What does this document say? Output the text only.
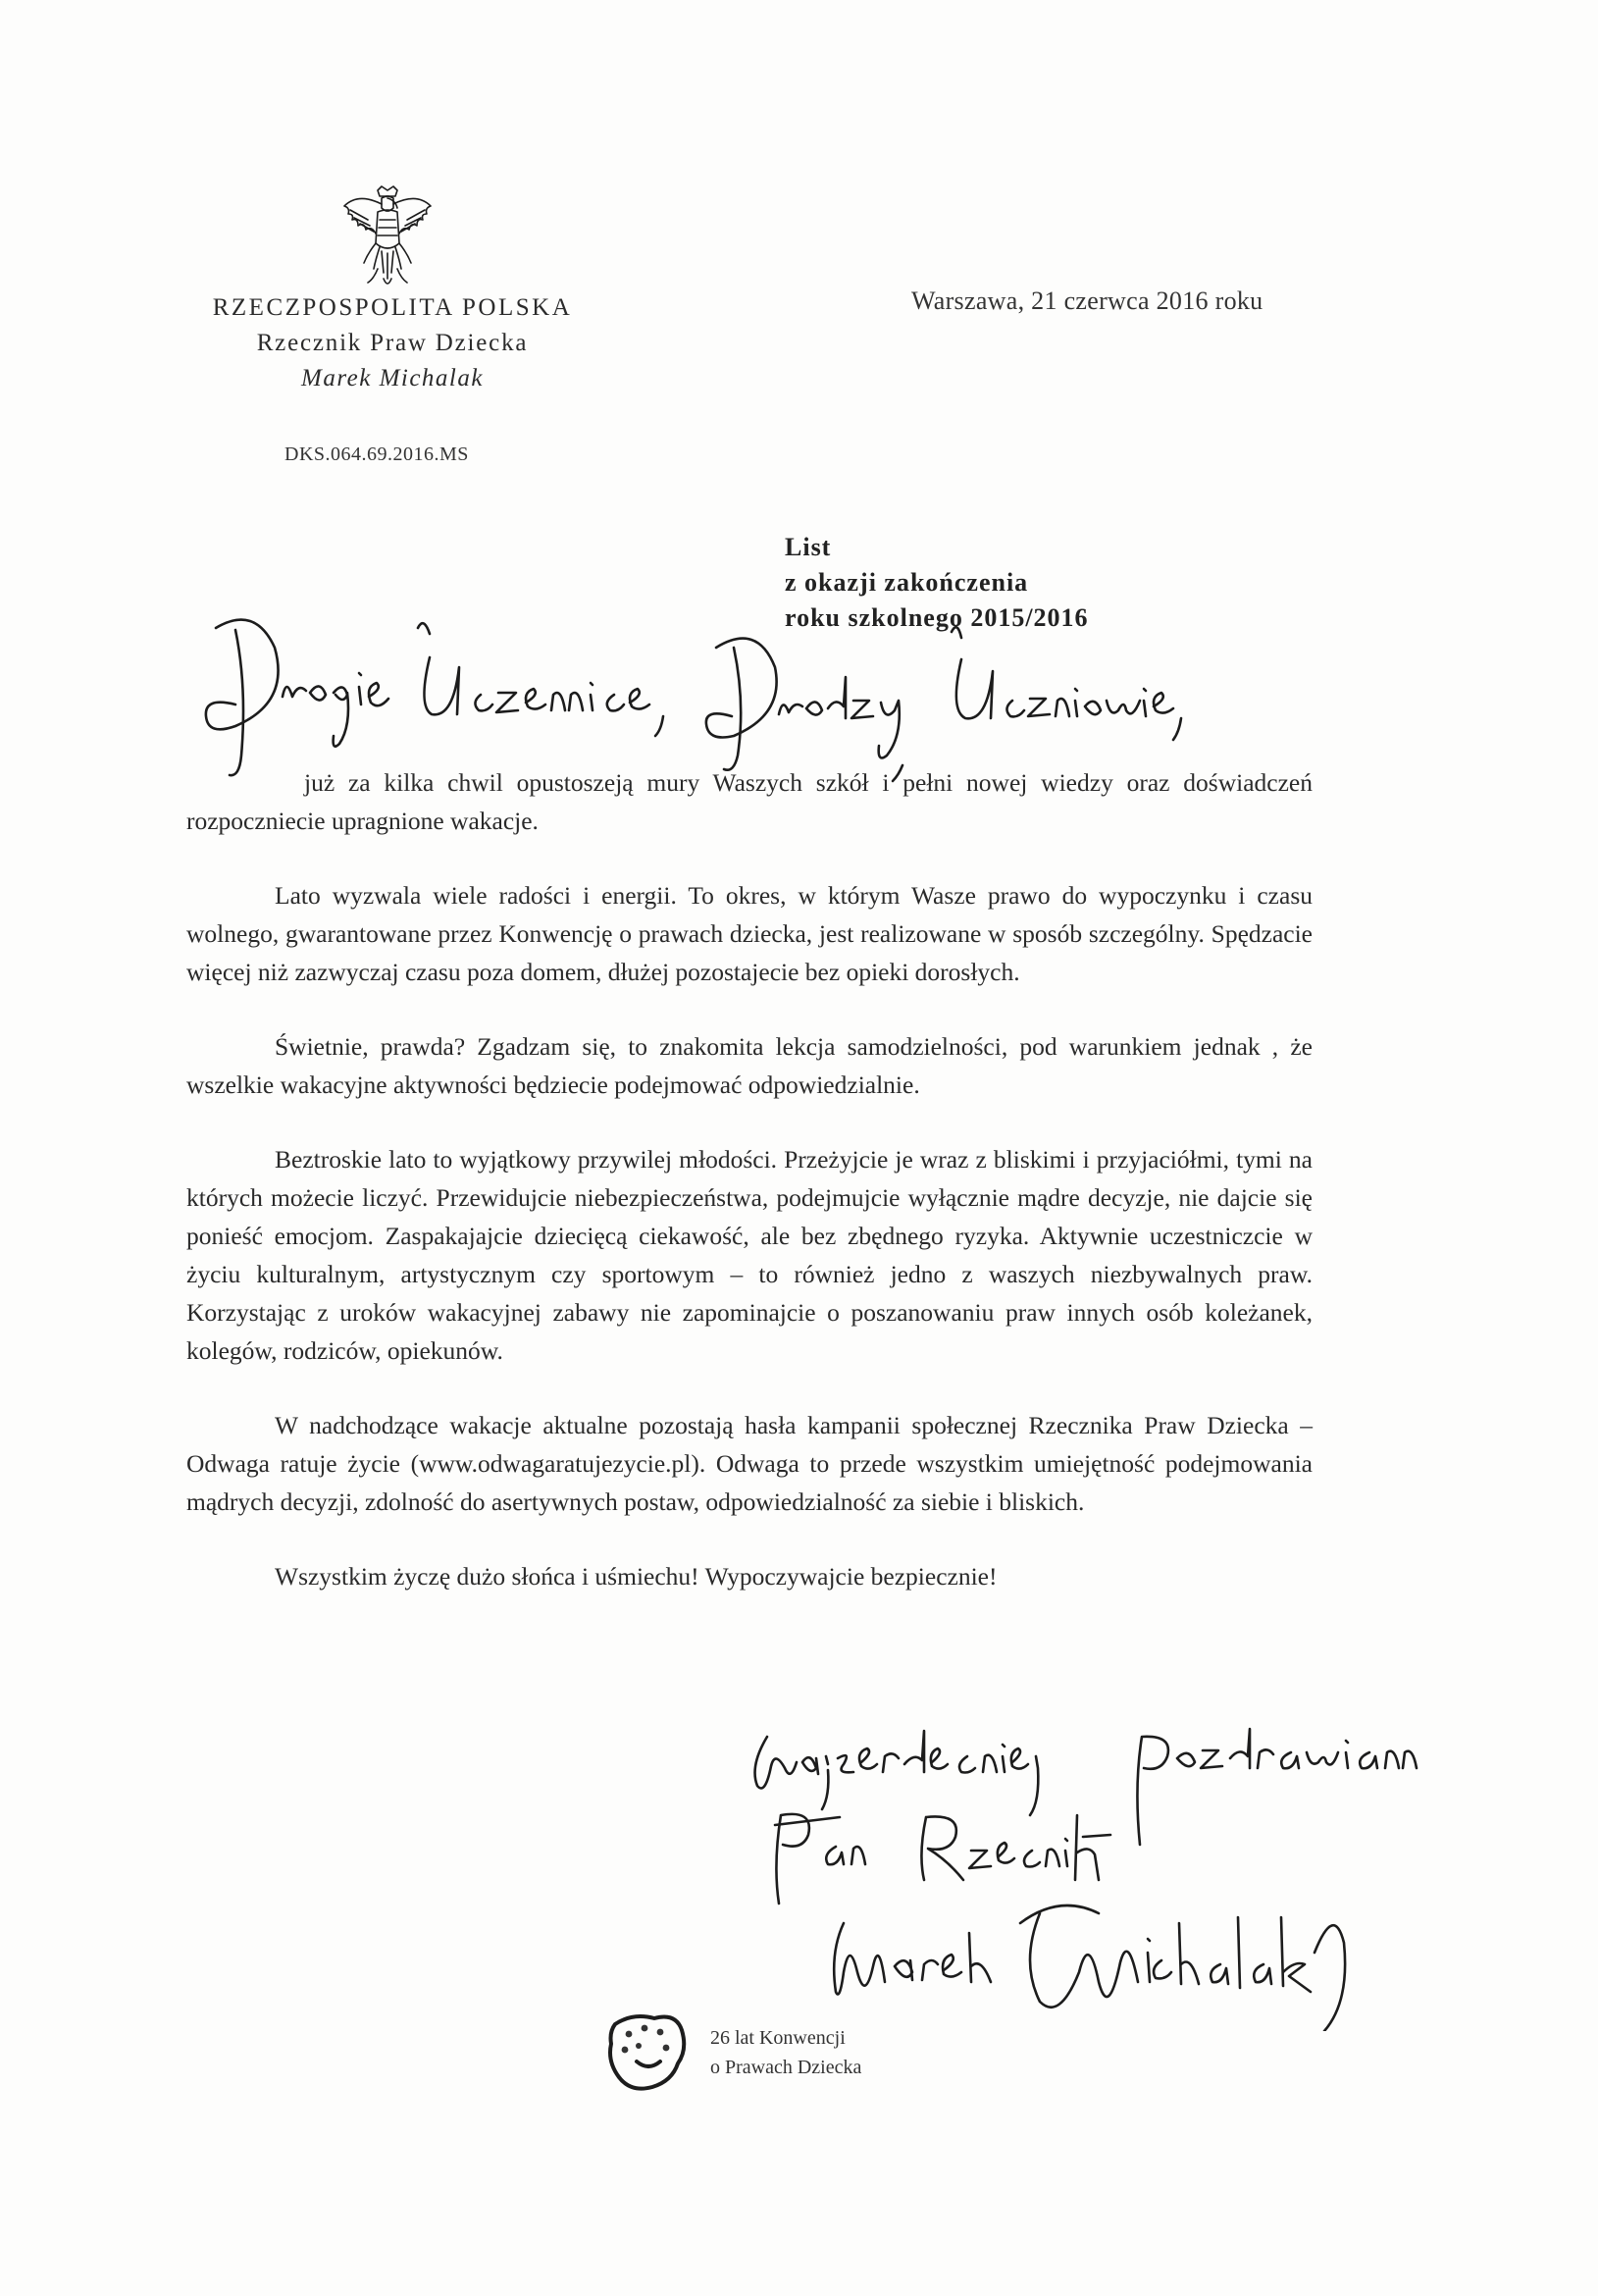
RZECZPOSPOLITA POLSKA
Rzecznik Praw Dziecka
Marek Michalak
DKS.064.69.2016.MS
Warszawa, 21 czerwca 2016 roku
List
z okazji zakończenia
roku szkolnego 2015/2016

już za kilka chwil opustoszeją mury Waszych szkół i pełni nowej wiedzy oraz doświadczeń rozpoczniecie upragnione wakacje.

Lato wyzwala wiele radości i energii. To okres, w którym Wasze prawo do wypoczynku i czasu wolnego, gwarantowane przez Konwencję o prawach dziecka, jest realizowane w sposób szczególny. Spędzacie więcej niż zazwyczaj czasu poza domem, dłużej pozostajecie bez opieki dorosłych.

Świetnie, prawda? Zgadzam się, to znakomita lekcja samodzielności, pod warunkiem jednak , że wszelkie wakacyjne aktywności będziecie podejmować odpowiedzialnie.

Beztroskie lato to wyjątkowy przywilej młodości. Przeżyjcie je wraz z bliskimi i przyjaciółmi, tymi na których możecie liczyć. Przewidujcie niebezpieczeństwa, podejmujcie wyłącznie mądre decyzje, nie dajcie się ponieść emocjom. Zaspakajajcie dziecięcą ciekawość, ale bez zbędnego ryzyka. Aktywnie uczestniczcie w życiu kulturalnym, artystycznym czy sportowym – to również jedno z waszych niezbywalnych praw. Korzystając z uroków wakacyjnej zabawy nie zapominajcie o poszanowaniu praw innych osób koleżanek, kolegów, rodziców, opiekunów.

W nadchodzące wakacje aktualne pozostają hasła kampanii społecznej Rzecznika Praw Dziecka – Odwaga ratuje życie (www.odwagaratujezycie.pl). Odwaga to przede wszystkim umiejętność podejmowania mądrych decyzji, zdolność do asertywnych postaw, odpowiedzialność za siebie i bliskich.

Wszystkim życzę dużo słońca i uśmiechu! Wypoczywajcie bezpiecznie!

26 lat Konwencji
o Prawach Dziecka
